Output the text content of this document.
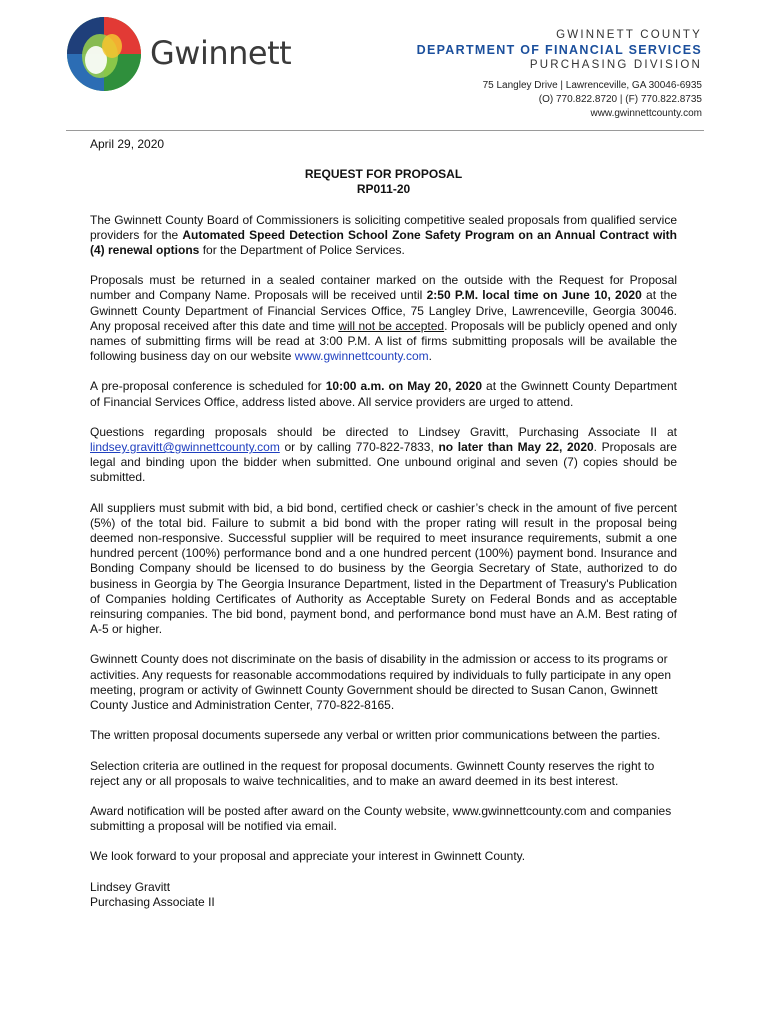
Gwinnett	GWINNETT COUNTY
DEPARTMENT OF FINANCIAL SERVICES
PURCHASING DIVISION
75 Langley Drive | Lawrenceville, GA 30046-6935
(O) 770.822.8720 | (F) 770.822.8735
www.gwinnettcounty.com

April 29, 2020

REQUEST FOR PROPOSAL
RP011-20

The Gwinnett County Board of Commissioners is soliciting competitive sealed proposals from qualified service providers for the Automated Speed Detection School Zone Safety Program on an Annual Contract with (4) renewal options for the Department of Police Services.

Proposals must be returned in a sealed container marked on the outside with the Request for Proposal number and Company Name. Proposals will be received until 2:50 P.M. local time on June 10, 2020 at the Gwinnett County Department of Financial Services Office, 75 Langley Drive, Lawrenceville, Georgia 30046. Any proposal received after this date and time will not be accepted. Proposals will be publicly opened and only names of submitting firms will be read at 3:00 P.M. A list of firms submitting proposals will be available the following business day on our website www.gwinnettcounty.com.

A pre-proposal conference is scheduled for 10:00 a.m. on May 20, 2020 at the Gwinnett County Department of Financial Services Office, address listed above. All service providers are urged to attend.

Questions regarding proposals should be directed to Lindsey Gravitt, Purchasing Associate II at lindsey.gravitt@gwinnettcounty.com or by calling 770-822-7833, no later than May 22, 2020. Proposals are legal and binding upon the bidder when submitted. One unbound original and seven (7) copies should be submitted.

All suppliers must submit with bid, a bid bond, certified check or cashier’s check in the amount of five percent (5%) of the total bid. Failure to submit a bid bond with the proper rating will result in the proposal being deemed non-responsive. Successful supplier will be required to meet insurance requirements, submit a one hundred percent (100%) performance bond and a one hundred percent (100%) payment bond. Insurance and Bonding Company should be licensed to do business by the Georgia Secretary of State, authorized to do business in Georgia by The Georgia Insurance Department, listed in the Department of Treasury's Publication of Companies holding Certificates of Authority as Acceptable Surety on Federal Bonds and as acceptable reinsuring companies. The bid bond, payment bond, and performance bond must have an A.M. Best rating of A-5 or higher.

Gwinnett County does not discriminate on the basis of disability in the admission or access to its programs or activities. Any requests for reasonable accommodations required by individuals to fully participate in any open meeting, program or activity of Gwinnett County Government should be directed to Susan Canon, Gwinnett County Justice and Administration Center, 770-822-8165.

The written proposal documents supersede any verbal or written prior communications between the parties.

Selection criteria are outlined in the request for proposal documents. Gwinnett County reserves the right to reject any or all proposals to waive technicalities, and to make an award deemed in its best interest.

Award notification will be posted after award on the County website, www.gwinnettcounty.com and companies submitting a proposal will be notified via email.

We look forward to your proposal and appreciate your interest in Gwinnett County.

Lindsey Gravitt
Purchasing Associate II
